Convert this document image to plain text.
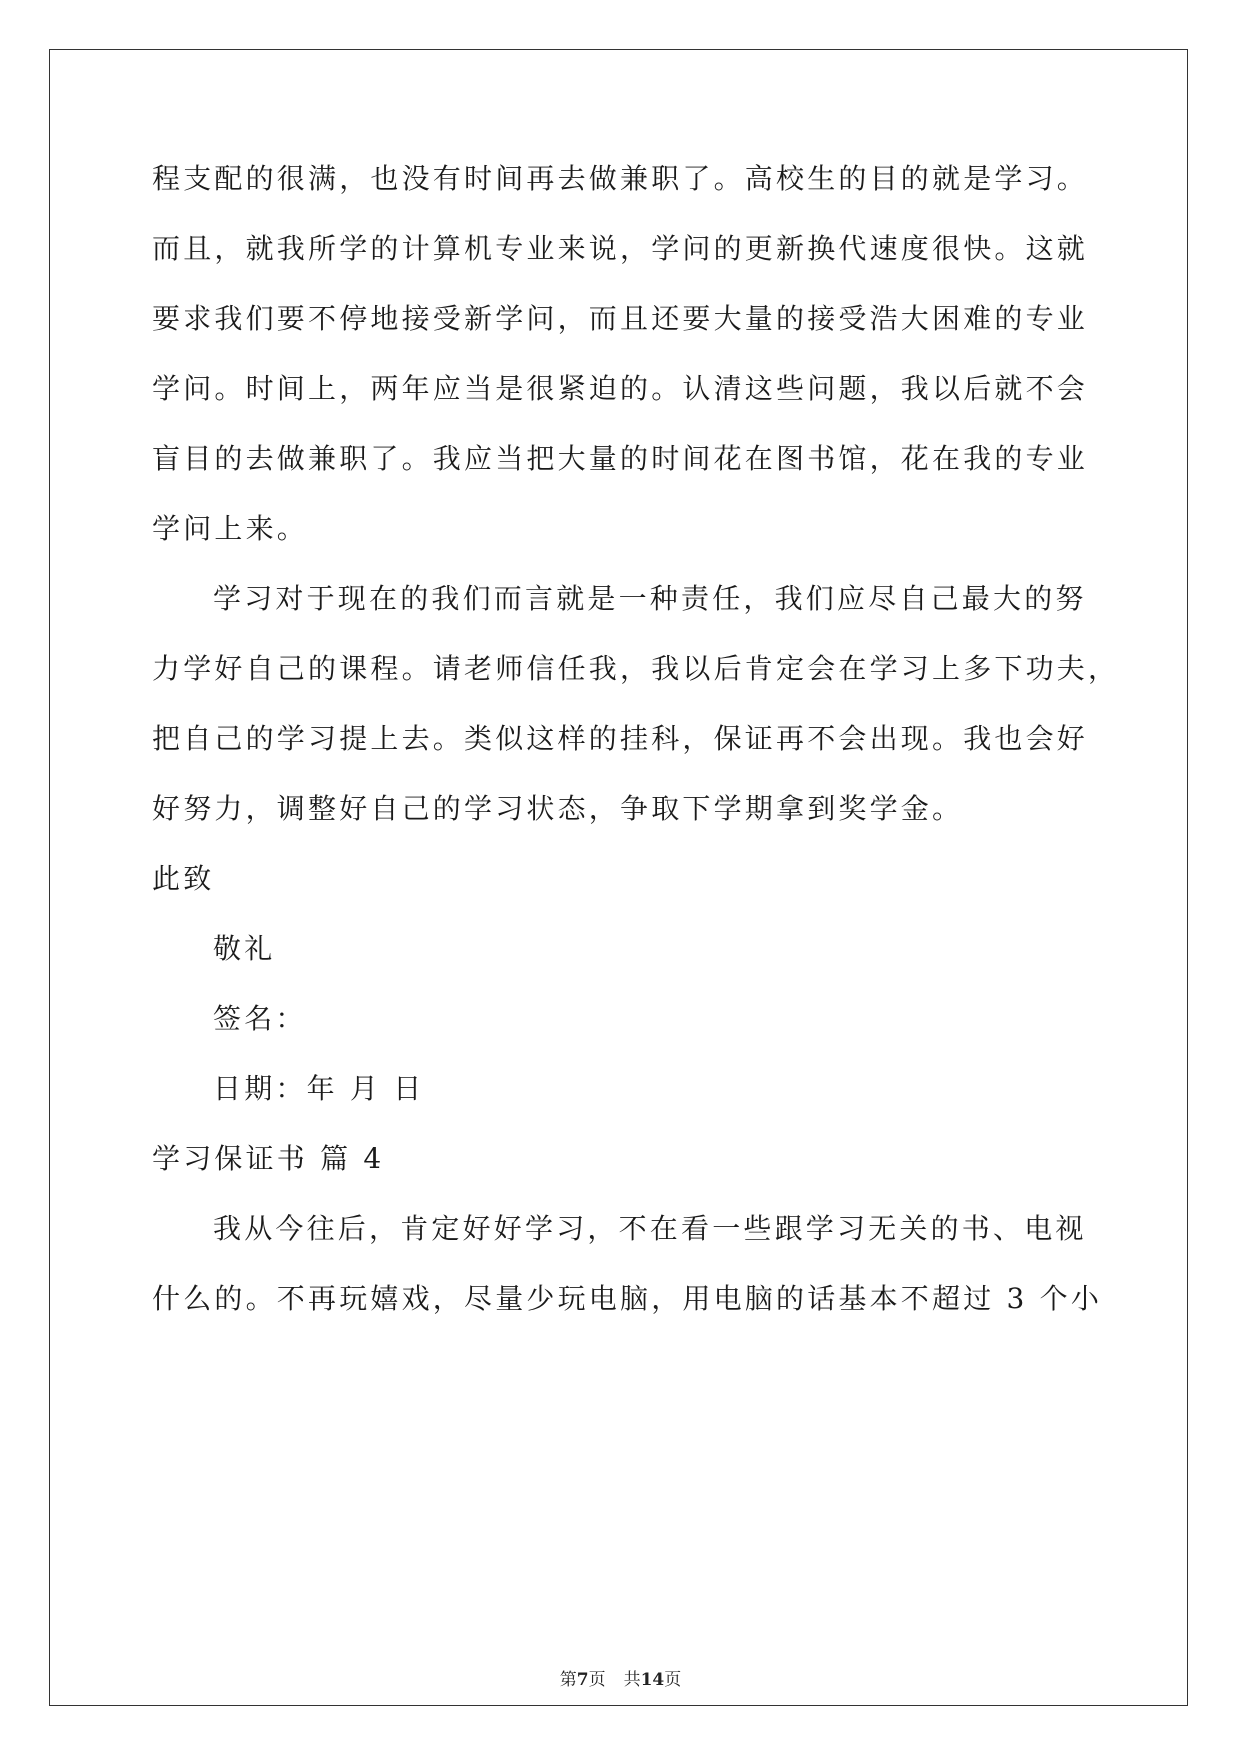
程支配的很满，也没有时间再去做兼职了。高校生的目的就是学习。
而且，就我所学的计算机专业来说，学问的更新换代速度很快。这就
要求我们要不停地接受新学问，而且还要大量的接受浩大困难的专业
学问。时间上，两年应当是很紧迫的。认清这些问题，我以后就不会
盲目的去做兼职了。我应当把大量的时间花在图书馆，花在我的专业
学问上来。
学习对于现在的我们而言就是一种责任，我们应尽自己最大的努
力学好自己的课程。请老师信任我，我以后肯定会在学习上多下功夫，
把自己的学习提上去。类似这样的挂科，保证再不会出现。我也会好
好努力，调整好自己的学习状态，争取下学期拿到奖学金。
此致
敬礼
签名：
日期：年 月 日
学习保证书 篇 4
我从今往后，肯定好好学习，不在看一些跟学习无关的书、电视
什么的。不再玩嬉戏，尽量少玩电脑，用电脑的话基本不超过 3 个小
第7页 共14页
